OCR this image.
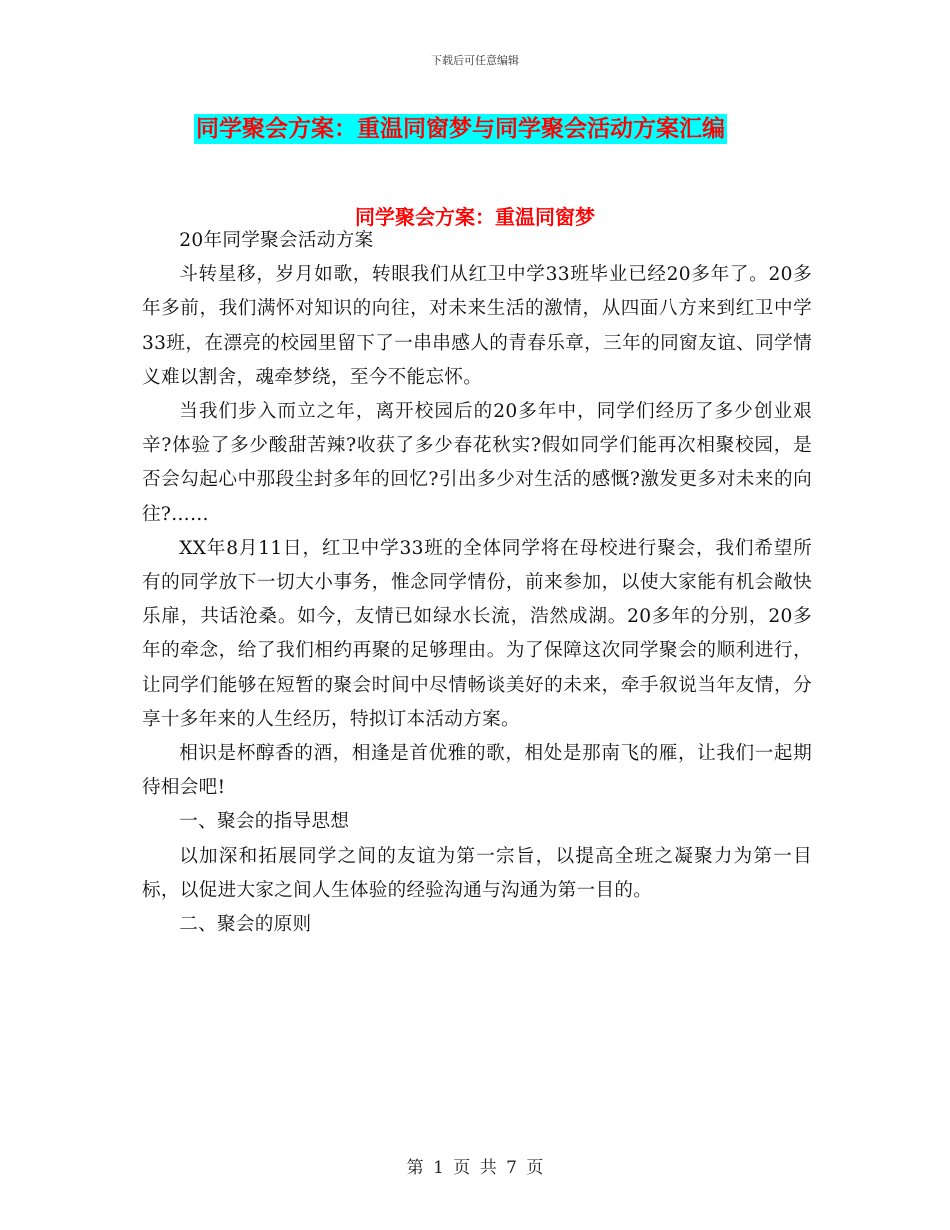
下载后可任意编辑
同学聚会方案：重温同窗梦与同学聚会活动方案汇编
同学聚会方案：重温同窗梦

20年同学聚会活动方案

斗转星移，岁月如歌，转眼我们从红卫中学33班毕业已经20多年了。20多年多前，我们满怀对知识的向往，对未来生活的激情，从四面八方来到红卫中学33班，在漂亮的校园里留下了一串串感人的青春乐章，三年的同窗友谊、同学情义难以割舍，魂牵梦绕，至今不能忘怀。

当我们步入而立之年，离开校园后的20多年中，同学们经历了多少创业艰辛?体验了多少酸甜苦辣?收获了多少春花秋实?假如同学们能再次相聚校园，是否会勾起心中那段尘封多年的回忆?引出多少对生活的感慨?激发更多对未来的向往?……

XX年8月11日，红卫中学33班的全体同学将在母校进行聚会，我们希望所有的同学放下一切大小事务，惟念同学情份，前来参加，以使大家能有机会敞快乐扉，共话沧桑。如今，友情已如绿水长流，浩然成湖。20多年的分别，20多年的牵念，给了我们相约再聚的足够理由。为了保障这次同学聚会的顺利进行，让同学们能够在短暂的聚会时间中尽情畅谈美好的未来，牵手叙说当年友情，分享十多年来的人生经历，特拟订本活动方案。

相识是杯醇香的酒，相逢是首优雅的歌，相处是那南飞的雁，让我们一起期待相会吧!

一、聚会的指导思想

以加深和拓展同学之间的友谊为第一宗旨，以提高全班之凝聚力为第一目标，以促进大家之间人生体验的经验沟通与沟通为第一目的。

二、聚会的原则

第 1 页 共 7 页
